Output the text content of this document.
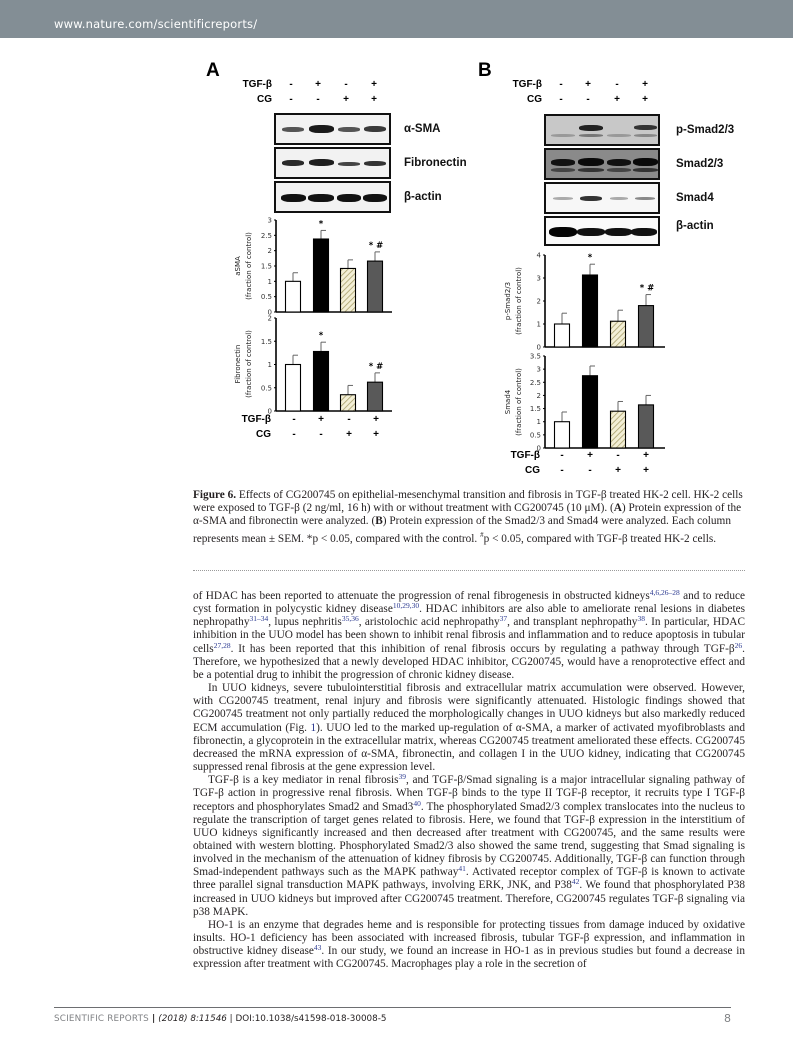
www.nature.com/scientificreports/
A	B
TGF-β - + - +
CG - - + +
TGF-β - + - +
CG - - + +
α-SMA
Fibronectin
β-actin
p-Smad2/3
Smad2/3
Smad4
β-actin
0
0.5
1
1.5
2
2.5
3
aSMA (fraction of control)
*
* #
0
0.5
1
1.5
2
Fibronectin (fraction of control)	*
* #
0
1
2
3
4
p-Smad2/3 (fraction of control)
*
* #
0
0.5
1
1.5
2
2.5
3
3.5
Smad4 (fraction of control)
TGF-β - + - +
CG - - + +
TGF-β - + - +
CG - - + +
Figure 6. Effects of CG200745 on epithelial-mesenchymal transition and fibrosis in TGF-β treated HK-2 cell. HK-2 cells were exposed to TGF-β (2 ng/ml, 16 h) with or without treatment with CG200745 (10 μM). (A) Protein expression of the α-SMA and fibronectin were analyzed. (B) Protein expression of the Smad2/3 and Smad4 were analyzed. Each column represents mean ± SEM. *p < 0.05, compared with the control. #p < 0.05, compared with TGF-β treated HK-2 cells.

of HDAC has been reported to attenuate the progression of renal fibrogenesis in obstructed kidneys$^{4,6,26-28}$ and to reduce cyst formation in polycystic kidney disease$^{10,29,30}$. HDAC inhibitors are also able to ameliorate renal lesions in diabetes nephropathy$^{31-34}$, lupus nephritis$^{35,36}$, aristolochic acid nephropathy$^{37}$, and transplant nephropathy$^{38}$. In particular, HDAC inhibition in the UUO model has been shown to inhibit renal fibrosis and inflammation and to reduce apoptosis in tubular cells$^{27,28}$. It has been reported that this inhibition of renal fibrosis occurs by regulating a pathway through TGF-$\beta^{26}$. Therefore, we hypothesized that a newly developed HDAC inhibitor, CG200745, would have a renoprotective effect and be a potential drug to inhibit the progression of chronic kidney disease.

In UUO kidneys, severe tubulointerstitial fibrosis and extracellular matrix accumulation were observed. However, with CG200745 treatment, renal injury and fibrosis were significantly attenuated. Histologic findings showed that CG200745 treatment not only partially reduced the morphologically changes in UUO kidneys but also markedly reduced ECM accumulation (Fig. 1). UUO led to the marked up-regulation of α-SMA, a marker of activated myofibroblasts and fibronectin, a glycoprotein in the extracellular matrix, whereas CG200745 treatment ameliorated these effects. CG200745 decreased the mRNA expression of α-SMA, fibronectin, and collagen I in the UUO kidney, indicating that CG200745 suppressed renal fibrosis at the gene expression level.

TGF-β is a key mediator in renal fibrosis$^{39}$, and TGF-β/Smad signaling is a major intracellular signaling pathway of TGF-β action in progressive renal fibrosis. When TGF-β binds to the type II TGF-β receptor, it recruits type I TGF-β receptors and phosphorylates Smad2 and $Smad3^{40}$. The phosphorylated Smad2/3 complex translocates into the nucleus to regulate the transcription of target genes related to fibrosis. Here, we found that TGF-β expression in the interstitium of UUO kidneys significantly increased and then decreased after treatment with CG200745, and the same results were obtained with western blotting. Phosphorylated Smad2/3 also showed the same trend, suggesting that Smad signaling is involved in the mechanism of the attenuation of kidney fibrosis by CG200745. Additionally, TGF-β can function through Smad-independent pathways such as the MAPK pathway$^{41}$. Activated receptor complex of TGF-β is known to activate three parallel signal transduction MAPK pathways, involving ERK, JNK, and $P38^{42}$. We found that phosphorylated P38 increased in UUO kidneys but improved after CG200745 treatment. Therefore, CG200745 regulates TGF-β signaling via p38 MAPK.

HO-1 is an enzyme that degrades heme and is responsible for protecting tissues from damage induced by oxidative insults. HO-1 deficiency has been associated with increased fibrosis, tubular TGF-β expression, and inflammation in obstructive kidney disease$^{43}$. In our study, we found an increase in HO-1 as in previous studies but found a decrease in expression after treatment with CG200745. Macrophages play a role in the secretion of

SCIENTIFIC REPORTS | (2018) 8:11546 | DOI:10.1038/s41598-018-30008-5	8
